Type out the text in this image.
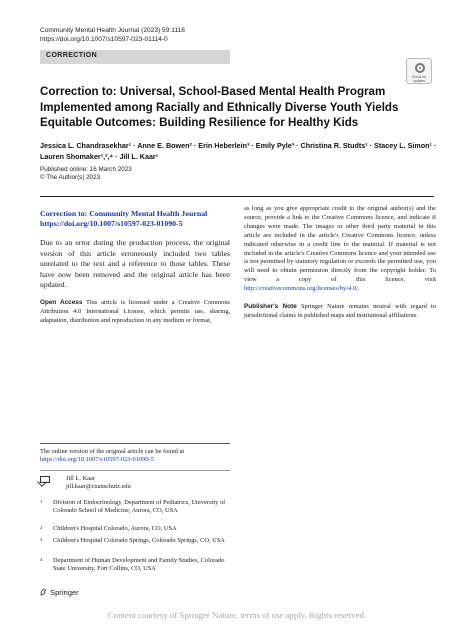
Community Mental Health Journal (2023) 59:1118
https://doi.org/10.1007/s10597-023-01114-0
CORRECTION
Check for updates
Correction to: Universal, School-Based Mental Health Program Implemented among Racially and Ethnically Diverse Youth Yields Equitable Outcomes: Building Resilience for Healthy Kids
Jessica L. Chandrasekhar¹ · Anne E. Bowen² · Erin Heberlein³ · Emily Pyle³ · Christina R. Studts¹ · Stacey L. Simon¹ · Lauren Shomaker¹,²,⁴ · Jill L. Kaar¹
Published online: 16 March 2023
© The Author(s) 2023
Correction to: Community Mental Health Journal
https://doi.org/10.1007/s10597-023-01090-5

Due to an error during the production process, the original version of this article erroneously included two tables unrelated to the text and a reference to those tables. These have now been removed and the original article has been updated.

Open Access This article is licensed under a Creative Commons Attribution 4.0 International License, which permits use, sharing, adaptation, distribution and reproduction in any medium or format,

as long as you give appropriate credit to the original author(s) and the source, provide a link to the Creative Commons licence, and indicate if changes were made. The images or other third party material in this article are included in the article's Creative Commons licence, unless indicated otherwise in a credit line to the material. If material is not included in the article's Creative Commons licence and your intended use is not permitted by statutory regulation or exceeds the permitted use, you will need to obtain permission directly from the copyright holder. To view a copy of this licence, visit http://creativecommons.org/licenses/by/4.0/.

Publisher's Note Springer Nature remains neutral with regard to jurisdictional claims in published maps and institutional affiliations.

The online version of the original article can be found at https://doi.org/10.1007/s10597-023-01090-5
Jill L. Kaar
jill.kaar@cuanschutz.edu
1 Division of Endocrinology, Department of Pediatrics, University of Colorado School of Medicine, Aurora, CO, USA
2 Children's Hospital Colorado, Aurora, CO, USA
3 Children's Hospital Colorado Springs, Colorado Springs, CO, USA
4 Department of Human Development and Family Studies, Colorado State University, Fort Collins, CO, USA
Springer
Content courtesy of Springer Nature, terms of use apply. Rights reserved.
